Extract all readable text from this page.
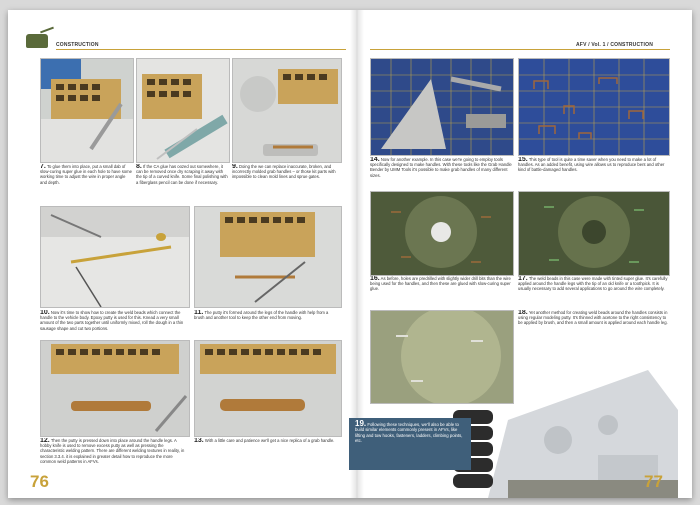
CONSTRUCTION
7. To glue them into place, put a small dab of slow-curing super glue in each hole to have some working time to adjust the wire in proper angle and depth.
8. If the CA glue has oozed out somewhere, it can be removed once dry scraping it away with the tip of a curved knife. Some final polishing with a fiberglass pencil can be done if necessary.
9. Doing the we can replace inaccurate, broken, and incorrectly molded grab handles – or those kit parts with impossible to clean mold lines and sprue gates.
10. Now it's time to show how to create the weld beads which connect the handle to the vehicle body. Epoxy putty is used for this. Knead a very small amount of the two parts together until uniformly mixed, roll the dough in a thin sausage shape and cut two portions.
11. The putty it's formed around the legs of the handle with help from a brush and another tool to keep the other end from moving.
12. Then the putty is pressed down into place around the handle legs. A hobby knife is used to remove excess putty as well as pressing the characteristic welding pattern. There are different welding textures in reality, in section 3.3.4. it is explained in greater detail how to reproduce the more common weld patterns in AFVs.
13. With a little care and patience we'll get a nice replica of a grab handle.
76
AFV / Vol. 1 / CONSTRUCTION
14. Now for another example. In this case we're going to employ tools specifically designed to make handles. With these tools like the Grab Handle Bender by UMM Tools it's possible to make grab handles of many different sizes.
15. This type of tool is quite a time saver when you need to make a lot of handles. As an added benefit, using wire allows us to reproduce bent and other kind of battle-damaged handles.
16. As before, holes are predrilled with slightly wider drill bits than the wire being used for the handles, and then these are glued with slow-curing super glue.
17. The weld beads in this case were made with tinted super glue. It's carefully applied around the handle legs with the tip of an old knife or a toothpick. It is usually necessary to add several applications to go around the wire completely.
18. Yet another method for creating weld beads around the handles consists in using regular modeling putty. It's thinned with acetone to the right consistency to be applied by brush, and then a small amount is applied around each handle leg.
19. Following these techniques, we'll also be able to build similar elements commonly present in AFVs, like lifting and tow hooks, fasteners, ladders, climbing points, etc.
77
